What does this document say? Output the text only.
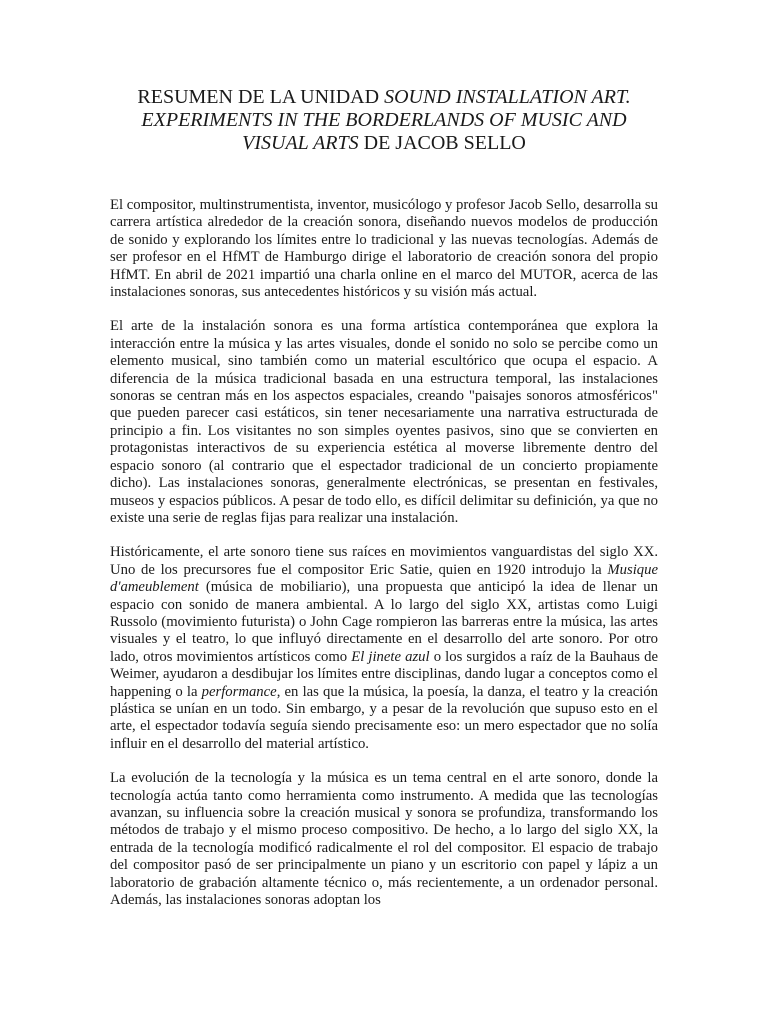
RESUMEN DE LA UNIDAD SOUND INSTALLATION ART. EXPERIMENTS IN THE BORDERLANDS OF MUSIC AND VISUAL ARTS DE JACOB SELLO

El compositor, multinstrumentista, inventor, musicólogo y profesor Jacob Sello, desarrolla su carrera artística alrededor de la creación sonora, diseñando nuevos modelos de producción de sonido y explorando los límites entre lo tradicional y las nuevas tecnologías. Además de ser profesor en el HfMT de Hamburgo dirige el laboratorio de creación sonora del propio HfMT. En abril de 2021 impartió una charla online en el marco del MUTOR, acerca de las instalaciones sonoras, sus antecedentes históricos y su visión más actual.

El arte de la instalación sonora es una forma artística contemporánea que explora la interacción entre la música y las artes visuales, donde el sonido no solo se percibe como un elemento musical, sino también como un material escultórico que ocupa el espacio. A diferencia de la música tradicional basada en una estructura temporal, las instalaciones sonoras se centran más en los aspectos espaciales, creando "paisajes sonoros atmosféricos" que pueden parecer casi estáticos, sin tener necesariamente una narrativa estructurada de principio a fin. Los visitantes no son simples oyentes pasivos, sino que se convierten en protagonistas interactivos de su experiencia estética al moverse libremente dentro del espacio sonoro (al contrario que el espectador tradicional de un concierto propiamente dicho). Las instalaciones sonoras, generalmente electrónicas, se presentan en festivales, museos y espacios públicos. A pesar de todo ello, es difícil delimitar su definición, ya que no existe una serie de reglas fijas para realizar una instalación.

Históricamente, el arte sonoro tiene sus raíces en movimientos vanguardistas del siglo XX. Uno de los precursores fue el compositor Eric Satie, quien en 1920 introdujo la Musique d'ameublement (música de mobiliario), una propuesta que anticipó la idea de llenar un espacio con sonido de manera ambiental. A lo largo del siglo XX, artistas como Luigi Russolo (movimiento futurista) o John Cage rompieron las barreras entre la música, las artes visuales y el teatro, lo que influyó directamente en el desarrollo del arte sonoro. Por otro lado, otros movimientos artísticos como El jinete azul o los surgidos a raíz de la Bauhaus de Weimer, ayudaron a desdibujar los límites entre disciplinas, dando lugar a conceptos como el happening o la performance, en las que la música, la poesía, la danza, el teatro y la creación plástica se unían en un todo. Sin embargo, y a pesar de la revolución que supuso esto en el arte, el espectador todavía seguía siendo precisamente eso: un mero espectador que no solía influir en el desarrollo del material artístico.

La evolución de la tecnología y la música es un tema central en el arte sonoro, donde la tecnología actúa tanto como herramienta como instrumento. A medida que las tecnologías avanzan, su influencia sobre la creación musical y sonora se profundiza, transformando los métodos de trabajo y el mismo proceso compositivo. De hecho, a lo largo del siglo XX, la entrada de la tecnología modificó radicalmente el rol del compositor. El espacio de trabajo del compositor pasó de ser principalmente un piano y un escritorio con papel y lápiz a un laboratorio de grabación altamente técnico o, más recientemente, a un ordenador personal. Además, las instalaciones sonoras adoptan los
